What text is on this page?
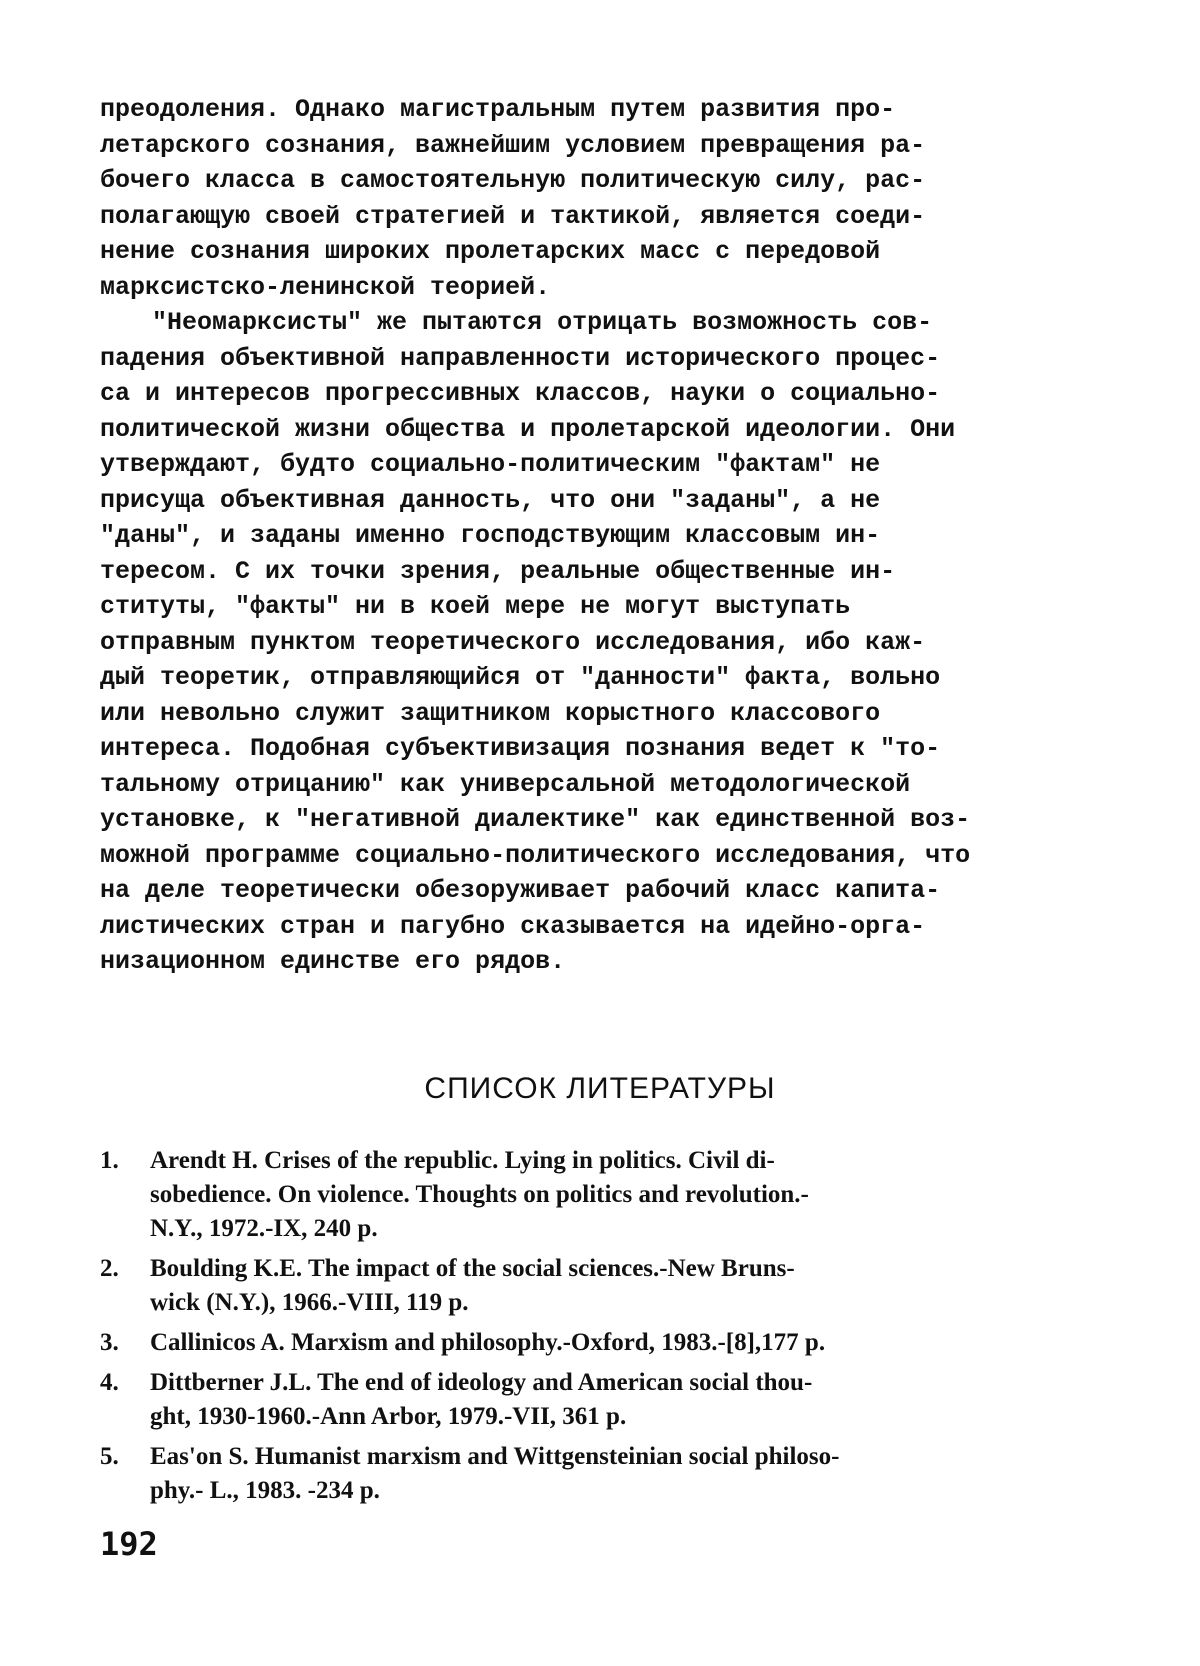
преодоления. Однако магистральным путем развития про-
летарского сознания, важнейшим условием превращения ра-
бочего класса в самостоятельную политическую силу, рас-
полагающую своей стратегией и тактикой, является соеди-
нение сознания широких пролетарских масс с передовой
марксистско-ленинской теорией.

"Неомарксисты" же пытаются отрицать возможность сов-
падения объективной направленности исторического процес-
са и интересов прогрессивных классов, науки о социально-
политической жизни общества и пролетарской идеологии. Они
утверждают, будто социально-политическим "фактам" не
присуща объективная данность, что они "заданы", а не
"даны", и заданы именно господствующим классовым ин-
тересом. С их точки зрения, реальные общественные ин-
ституты, "факты" ни в коей мере не могут выступать
отправным пунктом теоретического исследования, ибо каж-
дый теоретик, отправляющийся от "данности" факта, вольно
или невольно служит защитником корыстного классового
интереса. Подобная субъективизация познания ведет к "то-
тальному отрицанию" как универсальной методологической
установке, к "негативной диалектике" как единственной воз-
можной программе социально-политического исследования, что
на деле теоретически обезоруживает рабочий класс капита-
листических стран и пагубно сказывается на идейно-орга-
низационном единстве его рядов.

СПИСОК ЛИТЕРАТУРЫ
1. Arendt H. Crises of the republic. Lying in politics. Civil di-
sobedience. On violence. Thoughts on politics and revolution.-
N.Y., 1972.-IX, 240 p.
2. Boulding K.E. The impact of the social sciences.-New Bruns-
wick (N.Y.), 1966.-VIII, 119 p.
3. Callinicos A. Marxism and philosophy.-Oxford, 1983.-[8],177 p.
4. Dittberner J.L. The end of ideology and American social thou-
ght, 1930-1960.-Ann Arbor, 1979.-VII, 361 p.
5. Eas'on S. Humanist marxism and Wittgensteinian social philoso-
phy.- L., 1983. -234 p.
192
